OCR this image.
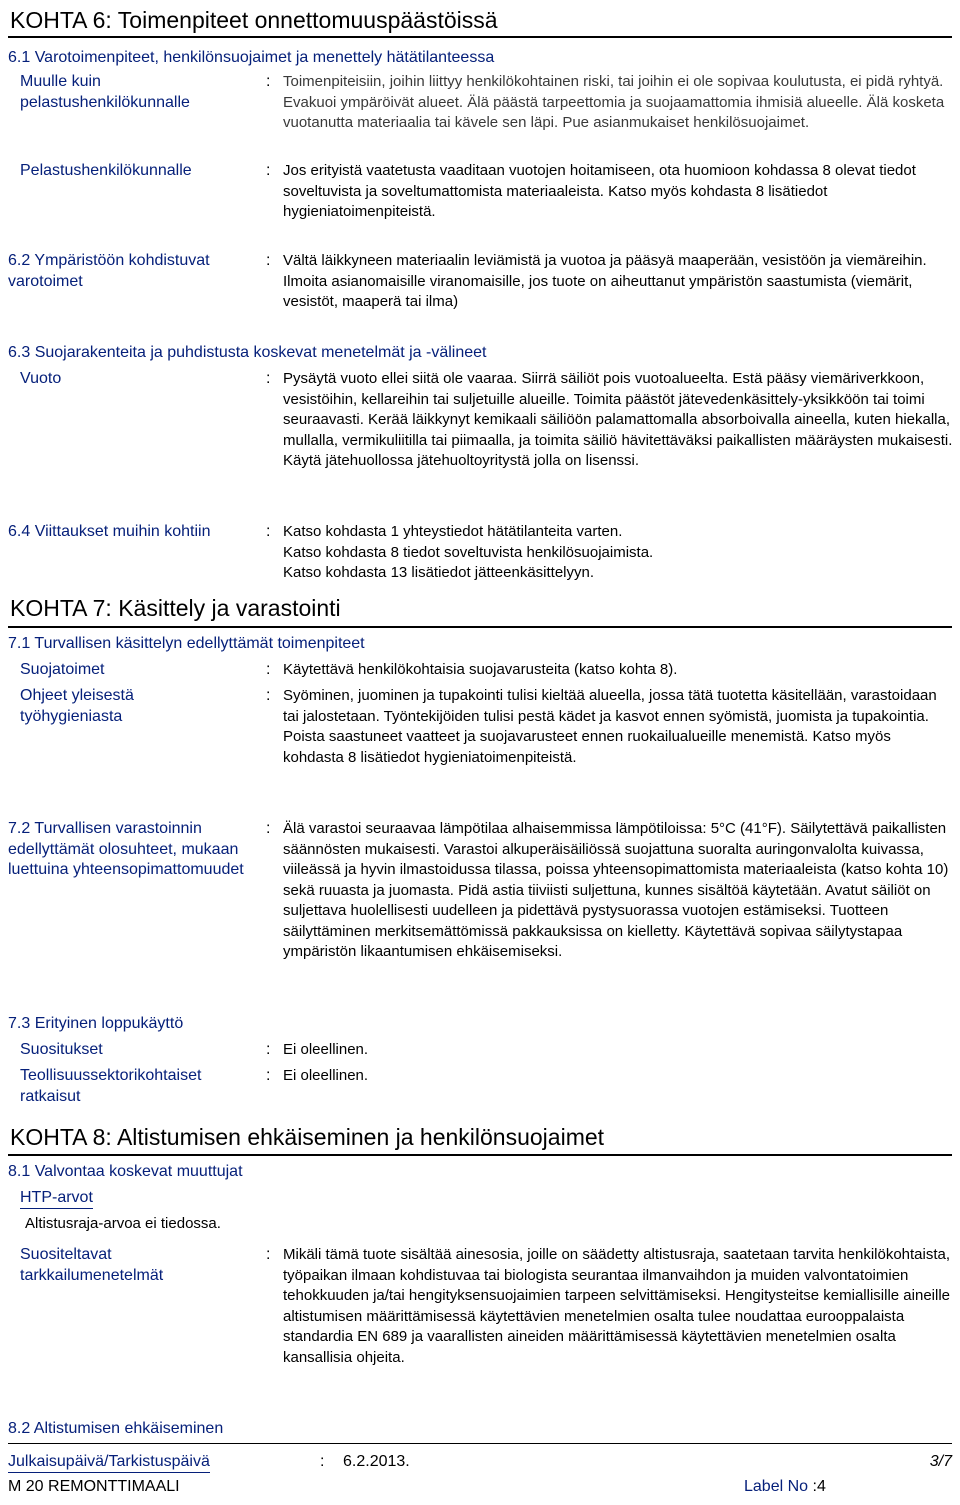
KOHTA 6: Toimenpiteet onnettomuuspäästöissä
6.1 Varotoimenpiteet, henkilönsuojaimet ja menettely hätätilanteessa
Muulle kuin pelastushenkilökunnalle
: Toimenpiteisiin, joihin liittyy henkilökohtainen riski, tai joihin ei ole sopivaa koulutusta, ei pidä ryhtyä. Evakuoi ympäröivät alueet. Älä päästä tarpeettomia ja suojaamattomia ihmisiä alueelle. Älä kosketa vuotanutta materiaalia tai kävele sen läpi. Pue asianmukaiset henkilösuojaimet.
Pelastushenkilökunnalle	: Jos erityistä vaatetusta vaaditaan vuotojen hoitamiseen, ota huomioon kohdassa 8 olevat tiedot soveltuvista ja soveltumattomista materiaaleista. Katso myös kohdasta 8 lisätiedot hygieniatoimenpiteistä.
6.2 Ympäristöön kohdistuvat varotoimet
: Vältä läikkyneen materiaalin leviämistä ja vuotoa ja pääsyä maaperään, vesistöön ja viemäreihin. Ilmoita asianomaisille viranomaisille, jos tuote on aiheuttanut ympäristön saastumista (viemärit, vesistöt, maaperä tai ilma)
6.3 Suojarakenteita ja puhdistusta koskevat menetelmät ja -välineet
Vuoto	: Pysäytä vuoto ellei siitä ole vaaraa. Siirrä säiliöt pois vuotoalueelta. Estä pääsy viemäriverkkoon, vesistöihin, kellareihin tai suljetuille alueille. Toimita päästöt jätevedenkäsittely-yksikköön tai toimi seuraavasti. Kerää läikkynyt kemikaali säiliöön palamattomalla absorboivalla aineella, kuten hiekalla, mullalla, vermikuliitilla tai piimaalla, ja toimita säiliö hävitettäväksi paikallisten määräysten mukaisesti. Käytä jätehuollossa jätehuoltoyritystä jolla on lisenssi.
6.4 Viittaukset muihin kohtiin	: Katso kohdasta 1 yhteystiedot hätätilanteita varten.
Katso kohdasta 8 tiedot soveltuvista henkilösuojaimista.
Katso kohdasta 13 lisätiedot jätteenkäsittelyyn.
KOHTA 7: Käsittely ja varastointi
7.1 Turvallisen käsittelyn edellyttämät toimenpiteet
Suojatoimet	: Käytettävä henkilökohtaisia suojavarusteita (katso kohta 8).
Ohjeet yleisestä työhygieniasta
: Syöminen, juominen ja tupakointi tulisi kieltää alueella, jossa tätä tuotetta käsitellään, varastoidaan tai jalostetaan. Työntekijöiden tulisi pestä kädet ja kasvot ennen syömistä, juomista ja tupakointia. Poista saastuneet vaatteet ja suojavarusteet ennen ruokailualueille menemistä. Katso myös kohdasta 8 lisätiedot hygieniatoimenpiteistä.
7.2 Turvallisen varastoinnin edellyttämät olosuhteet, mukaan luettuina yhteensopimattomuudet
: Älä varastoi seuraavaa lämpötilaa alhaisemmissa lämpötiloissa: 5°C (41°F). Säilytettävä paikallisten säännösten mukaisesti. Varastoi alkuperäisäiliössä suojattuna suoralta auringonvalolta kuivassa, viileässä ja hyvin ilmastoidussa tilassa, poissa yhteensopimattomista materiaaleista (katso kohta 10) sekä ruuasta ja juomasta. Pidä astia tiiviisti suljettuna, kunnes sisältöä käytetään. Avatut säiliöt on suljettava huolellisesti uudelleen ja pidettävä pystysuorassa vuotojen estämiseksi. Tuotteen säilyttäminen merkitsemättömissä pakkauksissa on kielletty. Käytettävä sopivaa säilytystapaa ympäristön likaantumisen ehkäisemiseksi.
7.3 Erityinen loppukäyttö
Suositukset	: Ei oleellinen.
Teollisuussektorikohtaiset ratkaisut
: Ei oleellinen.
KOHTA 8: Altistumisen ehkäiseminen ja henkilönsuojaimet
8.1 Valvontaa koskevat muuttujat
HTP-arvot
Altistusraja-arvoa ei tiedossa.
Suositeltavat tarkkailumenetelmät
: Mikäli tämä tuote sisältää ainesosia, joille on säädetty altistusraja, saatetaan tarvita henkilökohtaista, työpaikan ilmaan kohdistuvaa tai biologista seurantaa ilmanvaihdon ja muiden valvontatoimien tehokkuuden ja/tai hengityksensuojaimien tarpeen selvittämiseksi. Hengitysteitse kemiallisille aineille altistumisen määrittämisessä käytettävien menetelmien osalta tulee noudattaa eurooppalaista standardia EN 689 ja vaarallisten aineiden määrittämisessä käytettävien menetelmien osalta kansallisia ohjeita.
8.2 Altistumisen ehkäiseminen
Julkaisupäivä/Tarkistuspäivä	: 6.2.2013.	3/7
M 20 REMONTTIMAALI	Label No :4
